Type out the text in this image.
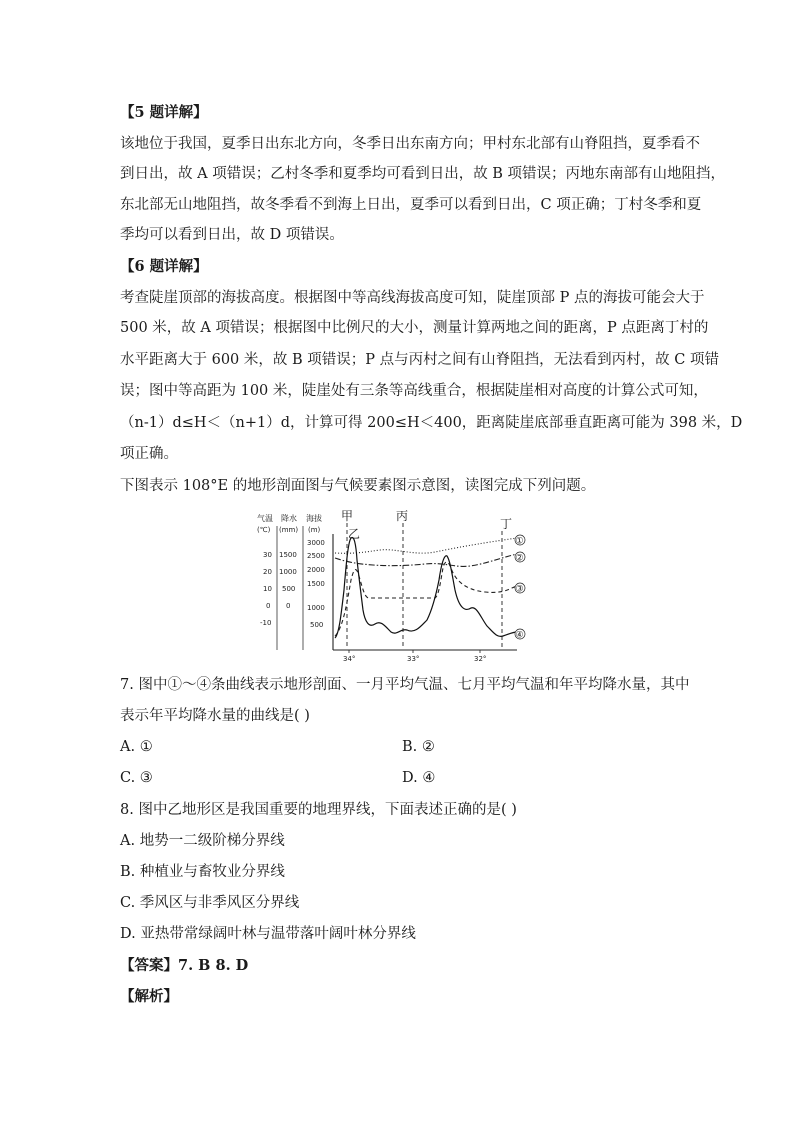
【5 题详解】
该地位于我国，夏季日出东北方向，冬季日出东南方向；甲村东北部有山脊阻挡，夏季看不
到日出，故 A 项错误；乙村冬季和夏季均可看到日出，故 B 项错误；丙地东南部有山地阻挡，
东北部无山地阻挡，故冬季看不到海上日出，夏季可以看到日出，C 项正确；丁村冬季和夏
季均可以看到日出，故 D 项错误。
【6 题详解】
考查陡崖顶部的海拔高度。根据图中等高线海拔高度可知，陡崖顶部 P 点的海拔可能会大于
500 米，故 A 项错误；根据图中比例尺的大小，测量计算两地之间的距离，P 点距离丁村的
水平距离大于 600 米，故 B 项错误；P 点与丙村之间有山脊阻挡，无法看到丙村，故 C 项错
误；图中等高距为 100 米，陡崖处有三条等高线重合，根据陡崖相对高度的计算公式可知，
（n-1）d≤H＜（n+1）d，计算可得 200≤H＜400，距离陡崖底部垂直距离可能为 398 米，D
项正确。
下图表示 108°E 的地形剖面图与气候要素图示意图，读图完成下列问题。
气温 降水 海拔
(℃) (mm) (m)
30
20
10
0
-10
1500
1000
500
0
3000
2500
2000
1500
1000
500
34°	33°	32°
甲
乙
丙
丁
①
②
③
④
7. 图中①～④条曲线表示地形剖面、一月平均气温、七月平均气温和年平均降水量，其中
表示年平均降水量的曲线是( )
A. ①	B. ②
C. ③	D. ④
8. 图中乙地形区是我国重要的地理界线，下面表述正确的是( )
A. 地势一二级阶梯分界线
B. 种植业与畜牧业分界线
C. 季风区与非季风区分界线
D. 亚热带常绿阔叶林与温带落叶阔叶林分界线
【答案】7. B 8. D
【解析】
